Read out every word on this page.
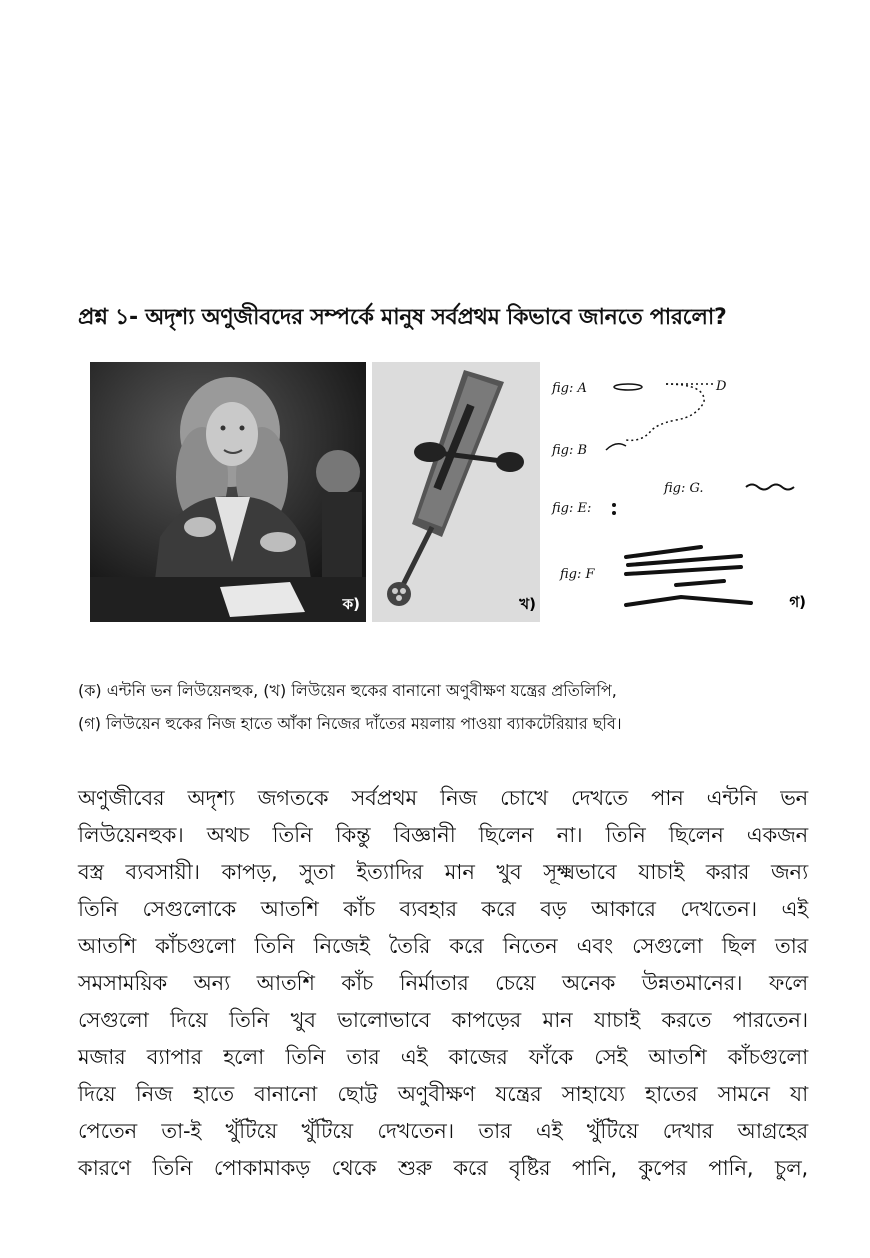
প্রশ্ন ১- অদৃশ্য অণুজীবদের সম্পর্কে মানুষ সর্বপ্রথম কিভাবে জানতে পারলো?
ক)	খ)
fig: A	D
fig: B
fig: G.
fig: E:
fig: F
গ)
(ক) এন্টনি ভন লিউয়েনহুক, (খ) লিউয়েন হুকের বানানো অণুবীক্ষণ যন্ত্রের প্রতিলিপি,
(গ) লিউয়েন হুকের নিজ হাতে আঁকা নিজের দাঁতের ময়লায় পাওয়া ব্যাকটেরিয়ার ছবি।
অণুজীবের অদৃশ্য জগতকে সর্বপ্রথম নিজ চোখে দেখতে পান এন্টনি ভন
লিউয়েনহুক। অথচ তিনি কিন্তু বিজ্ঞানী ছিলেন না। তিনি ছিলেন একজন
বস্ত্র ব্যবসায়ী। কাপড়, সুতা ইত্যাদির মান খুব সূক্ষ্মভাবে যাচাই করার জন্য
তিনি সেগুলোকে আতশি কাঁচ ব্যবহার করে বড় আকারে দেখতেন। এই
আতশি কাঁচগুলো তিনি নিজেই তৈরি করে নিতেন এবং সেগুলো ছিল তার
সমসাময়িক অন্য আতশি কাঁচ নির্মাতার চেয়ে অনেক উন্নতমানের। ফলে
সেগুলো দিয়ে তিনি খুব ভালোভাবে কাপড়ের মান যাচাই করতে পারতেন।
মজার ব্যাপার হলো তিনি তার এই কাজের ফাঁকে সেই আতশি কাঁচগুলো
দিয়ে নিজ হাতে বানানো ছোট্ট অণুবীক্ষণ যন্ত্রের সাহায্যে হাতের সামনে যা
পেতেন তা-ই খুঁটিয়ে খুঁটিয়ে দেখতেন। তার এই খুঁটিয়ে দেখার আগ্রহের
কারণে তিনি পোকামাকড় থেকে শুরু করে বৃষ্টির পানি, কুপের পানি, চুল,
